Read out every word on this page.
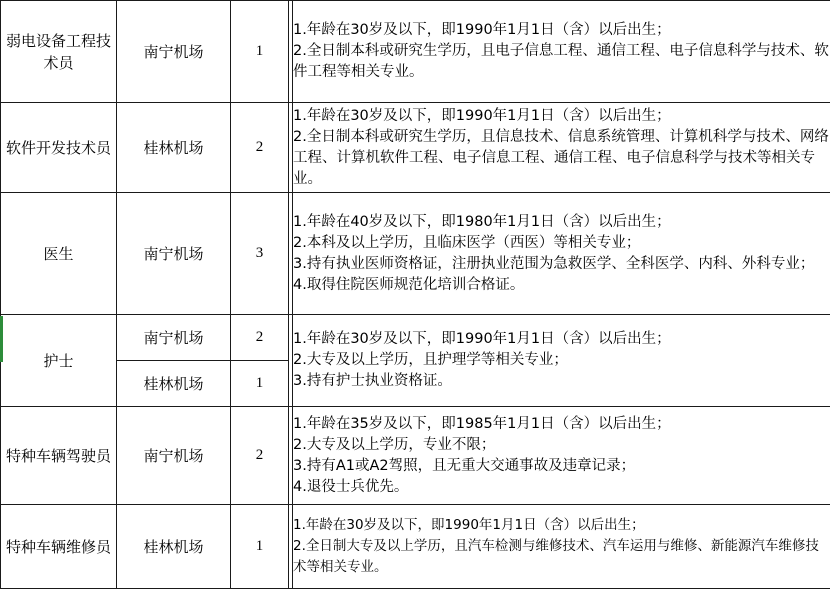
弱电设备工程技术员	南宁机场	1		1.年龄在30岁及以下，即1990年1月1日（含）以后出生；
2.全日制本科或研究生学历，且电子信息工程、通信工程、电子信息科学与技术、软件工程等相关专业。

软件开发技术员	桂林机场	2		1.年龄在30岁及以下，即1990年1月1日（含）以后出生；
2.全日制本科或研究生学历，且信息技术、信息系统管理、计算机科学与技术、网络工程、计算机软件工程、电子信息工程、通信工程、电子信息科学与技术等相关专业。

医生	南宁机场	3		1.年龄在40岁及以下，即1980年1月1日（含）以后出生；
2.本科及以上学历，且临床医学（西医）等相关专业；
3.持有执业医师资格证，注册执业范围为急救医学、全科医学、内科、外科专业；
4.取得住院医师规范化培训合格证。

护士	南宁机场	2		1.年龄在30岁及以下，即1990年1月1日（含）以后出生；
2.大专及以上学历，且护理学等相关专业；
3.持有护士执业资格证。

	桂林机场	1		
特种车辆驾驶员	南宁机场	2		1.年龄在35岁及以下，即1985年1月1日（含）以后出生；
2.大专及以上学历，专业不限；
3.持有A1或A2驾照，且无重大交通事故及违章记录；
4.退役士兵优先。

特种车辆维修员	桂林机场	1		1.年龄在30岁及以下，即1990年1月1日（含）以后出生；
2.全日制大专及以上学历，且汽车检测与维修技术、汽车运用与维修、新能源汽车维修技术等相关专业。
